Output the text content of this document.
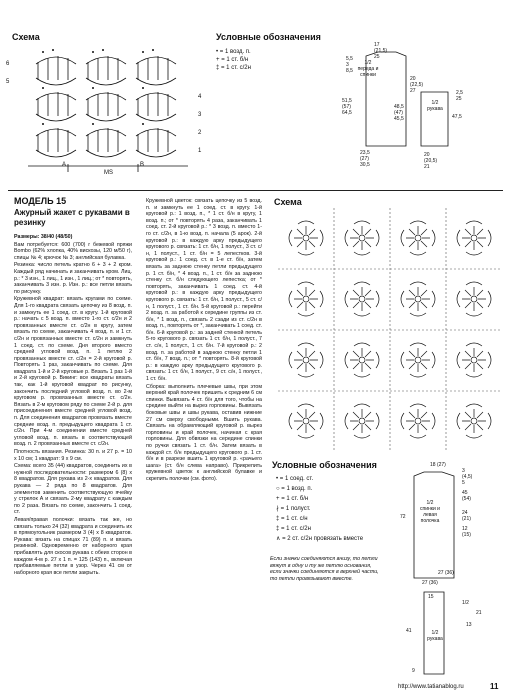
Схема
6
5
4
3
2
1
MS
A	B
Условные обозначения
• = 1 возд. п.
+ = 1 ст. б/н
‡ = 1 ст. с/2н
1/2 переда и спинки
1/2 рукава
17
(21,5)
25
20
(22,5)
27
23,5
(27)
30,5
5,5
3
8,5
51,5
(57)
64,5
48,5
(47)
45,5	47,5
20
(20,5)
21
2,5
25
МОДЕЛЬ 15
Ажурный жакет с рукавами в резинку

Размеры: 38/40 (48/50)

Вам потребуется: 600 (700) г бежевой пряжи Bombo (62% хлопка, 40% вискозы, 120 м/50 г), спицы № 4; крючок № 3; английская булавка.

Резинка: число петель кратно 6 + 3 + 2 кром. Каждый ряд начинать и заканчивать кром. Лиц. р.: * 3 изн., 1 лиц., 1 изн., 1 лиц.; от * повторять, заканчивать 3 изн. р. Изн. р.: все петли вязать по рисунку.

Кружевной квадрат: вязать кругами по схеме. Для 1-го квадрата связать цепочку из 8 возд. п. и замкнуть ее 1 соед. ст. в кругу. 1-й круговой р.: начать с 5 возд. п. вместо 1-го ст. с/2н и 2 провязанных вместе ст. с/2н в кругу, затем вязать по схеме, заканчивать 4 возд. п. и 1 ст. с/2н и провязанных вместе ст. с/2н и замкнуть 1 соед. ст. по схеме. Дня второго вместо средней угловой возд. п. 1 петлю 2 провязанных вместе ст. с/2н = 2-й круговой р. Повторять 1 раз, заканчивать по схеме. Для квадрата 1-й и 2-й круговые р. Вязать 1 раз 1-й и 2-й круговой р. Викинг: все квадраты вязать так, как 1-й круговой квадрат по рисунку, закончить последний угловой возд. п. во 2-м круговом р. провязанных вместе ст. с/2н. Вязать в 2-м круговом ряду по схеме 2-й р. для присоединения вместе средней угловой возд. п. Для соединения квадратов провязать вместе средние возд. п. предыдущего квадрата 1 ст. с/2н. При 4-м соединении вместе средней угловой возд. п. вязать в соответствующей возд. п. 2 провязанных вместе ст. с/2н.

Плотность вязания. Резинка: 30 п. и 27 р. = 10 х 10 см; 1 квадрат: 9 х 9 см.

Схема: всего 35 (44) квадратов, соединить их в нужной последовательности: размером 6 (8) х 8 квадратов. Для рукава из 2-х квадратов. Для рукава — 2 ряда по 8 квадратов. Для элементов заменить соответствующую ячейку у стрелок А и связать 2-му квадрату с каждым по 2 раза. Вязать по схеме, закончить 1 соед. ст.

Левая/правая полочки: вязать так же, но связать только 24 (32) квадрата и соединить их в прямоугольник размером 3 (4) х 8 квадратов. Рукава: вязать на спицах 71 (89) п. и вязать резинкой. Одновременно от наборного края прибавлять для скосов рукава с обеих сторон в каждом 4-м р. 27 х 1 п. = 125 (143) п., включая прибавляемые петли в узор. Через 41 см от наборного края все петли закрыть.

Кружевной цветок: связать цепочку из 5 возд. п. и замкнуть ее 1 соед. ст. в кругу. 1-й круговой р.: 1 возд. п., * 1 ст. б/н в кругу, 1 возд. п.; от * повторять 4 раза, заканчивать 1 соед. ст. 2-й круговой р.: * 3 возд. п. вместо 1-го ст. с/2н, в 1-ю возд. п. начала (5 арок). 2-й круговой р.: в каждую арку предыдущего кругового р. связать: 1 ст. б/н, 1 полуст., 3 ст. с/н, 1 полуст., 1 ст. б/н = 5 лепестков. 3-й круговой р.: 1 соед. ст. в 1-е ст. б/н, затем вязать за заднюю стенку петли предыдущего р. 1 ст. б/н, * 4 возд. п., 1 ст. б/н за заднюю стенку ст. б/н следующего лепестка; от * повторять, заканчивать 1 соед. ст. 4-й круговой р.: в каждую арку предыдущего кругового р. связать: 1 ст. б/н, 1 полуст., 5 ст. с/н, 1 полуст., 1 ст. б/н. 5-й круговой р.: перейти 2 возд. п. за работой к середине группы из ст. б/н, * 1 возд. п., связать 2 сзади из ст. с/2н в возд. п., повторять от *, заканчивать 1 соед. ст. б/н. 6-й круговой р.: за задней стенкой петель 5-го кругового р. связать 1 ст. б/н, 1 полуст., 7 ст. с/н, 1 полуст., 1 ст. б/н. 7-й круговой р.: 2 возд. п. за работой в заднюю стенку петли 1 ст. б/н, 7 возд. п.; от * повторять. 8-й круговой р.: в каждую арку предыдущего кругового р. связать: 1 ст. б/н, 1 полуст., 9 ст. с/н, 1 полуст., 1 ст. б/н.

Сборка: выполнить плечевые швы, при этом верхний край полочек пришить к средним 6 см спинки. Вывязать 4 ст. б/н для того, чтобы на средине выйти на вырез горловины. Вывязать боковые швы и швы рукава, оставив нижние 27 см сверху свободными. Вшить рукава. Связать на обрамляющий круговой р. вырез горловины и край полочек, начиная с края горловины. Для обвязки на середине спинки по ручки связать 1 ст. б/н. Затем вязать в каждой ст. б/н предыдущего кругового р. 1 ст. б/н и в разрезе вшить 1 круговой р. «рачьего шага» (ст. б/н слева направо). Прикрепить кружевной цветок к английской булавке и скрепить полочки (см. фото).

Схема
Условные обозначения
• = 1 соед. ст.
○ = 1 возд. п.
+ = 1 ст. б/н
∤ = 1 полуст.
‡ = 1 ст. с/н
‡ = 1 ст. с/2н
∧ = 2 ст. с/2н провязать вместе
Если значки соединяются внизу, то петли вяжут в одну и ту же петлю основания, если значки соединяются в верхней части, то петли провязывают вместе.
1/2 спинки и левая полочка
1/2 рукава
18 (27)
72
3
(4,5)
5
45
(54)
27 (36)
24
(21)
12
(15)
27 (36)
41
13
15
9
1/2
21
http://www.tatianablog.ru	11
